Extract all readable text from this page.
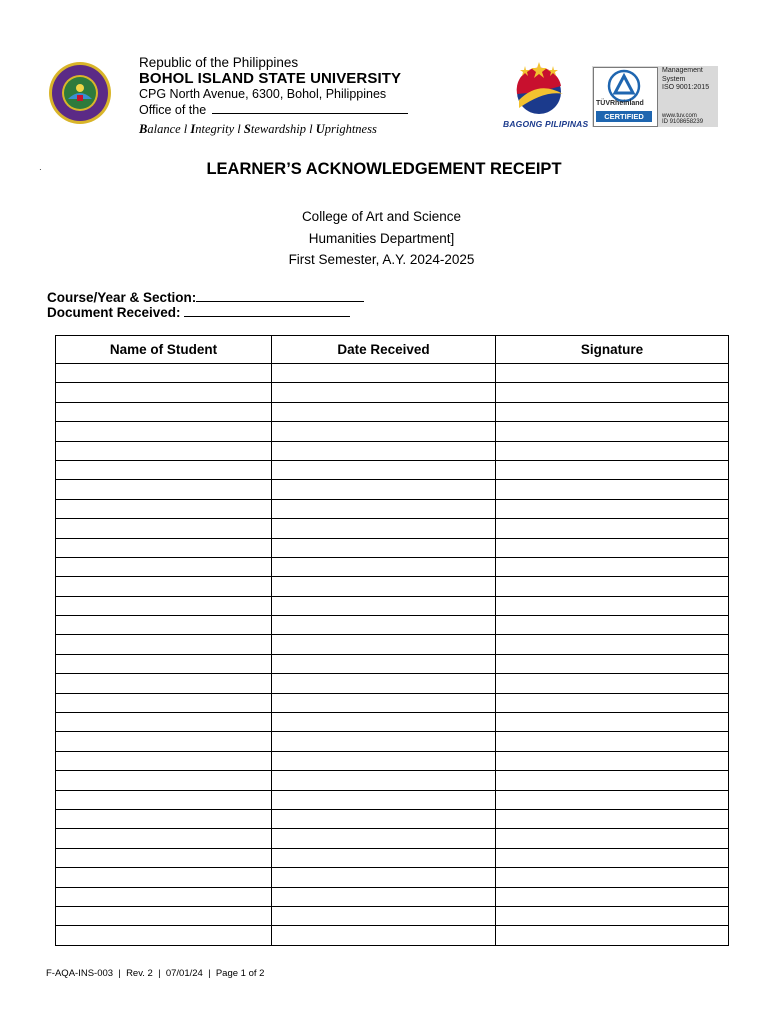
Republic of the Philippines
BOHOL ISLAND STATE UNIVERSITY
CPG North Avenue, 6300, Bohol, Philippines
Office of the
Balance l Integrity l Stewardship l Uprightness	BAGONG PILIPINAS
TÜVRheinland
CERTIFIED
Management System
ISO 9001:2015
www.tuv.com
ID 9108658239
·	LEARNER’S ACKNOWLEDGEMENT RECEIPT
College of Art and Science
Humanities Department]
First Semester, A.Y. 2024-2025
Course/Year & Section:
Document Received:
Name of Student	Date Received	Signature

F-AQA-INS-003  |  Rev. 2  |  07/01/24  |  Page 1 of 2
